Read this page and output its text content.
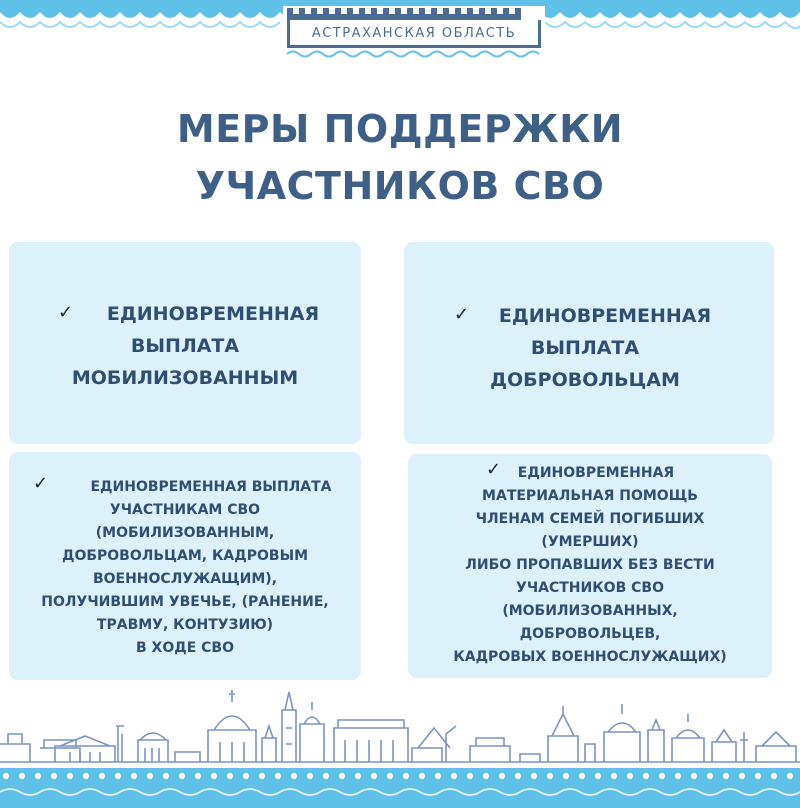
АСТРАХАНСКАЯ ОБЛАСТЬ
МЕРЫ ПОДДЕРЖКИ
УЧАСТНИКОВ СВО
✓	ЕДИНОВРЕМЕННАЯ
ВЫПЛАТА
МОБИЛИЗОВАННЫМ
✓	ЕДИНОВРЕМЕННАЯ
ВЫПЛАТА
ДОБРОВОЛЬЦАМ
✓	ЕДИНОВРЕМЕННАЯ ВЫПЛАТА
УЧАСТНИКАМ СВО
(МОБИЛИЗОВАННЫМ,
ДОБРОВОЛЬЦАМ, КАДРОВЫМ
ВОЕННОСЛУЖАЩИМ),
ПОЛУЧИВШИМ УВЕЧЬЕ, (РАНЕНИЕ,
ТРАВМУ, КОНТУЗИЮ)
В ХОДЕ СВО
✓	ЕДИНОВРЕМЕННАЯ
МАТЕРИАЛЬНАЯ ПОМОЩЬ
ЧЛЕНАМ СЕМЕЙ ПОГИБШИХ
(УМЕРШИХ)
ЛИБО ПРОПАВШИХ БЕЗ ВЕСТИ
УЧАСТНИКОВ СВО
(МОБИЛИЗОВАННЫХ,
ДОБРОВОЛЬЦЕВ,
КАДРОВЫХ ВОЕННОСЛУЖАЩИХ)
